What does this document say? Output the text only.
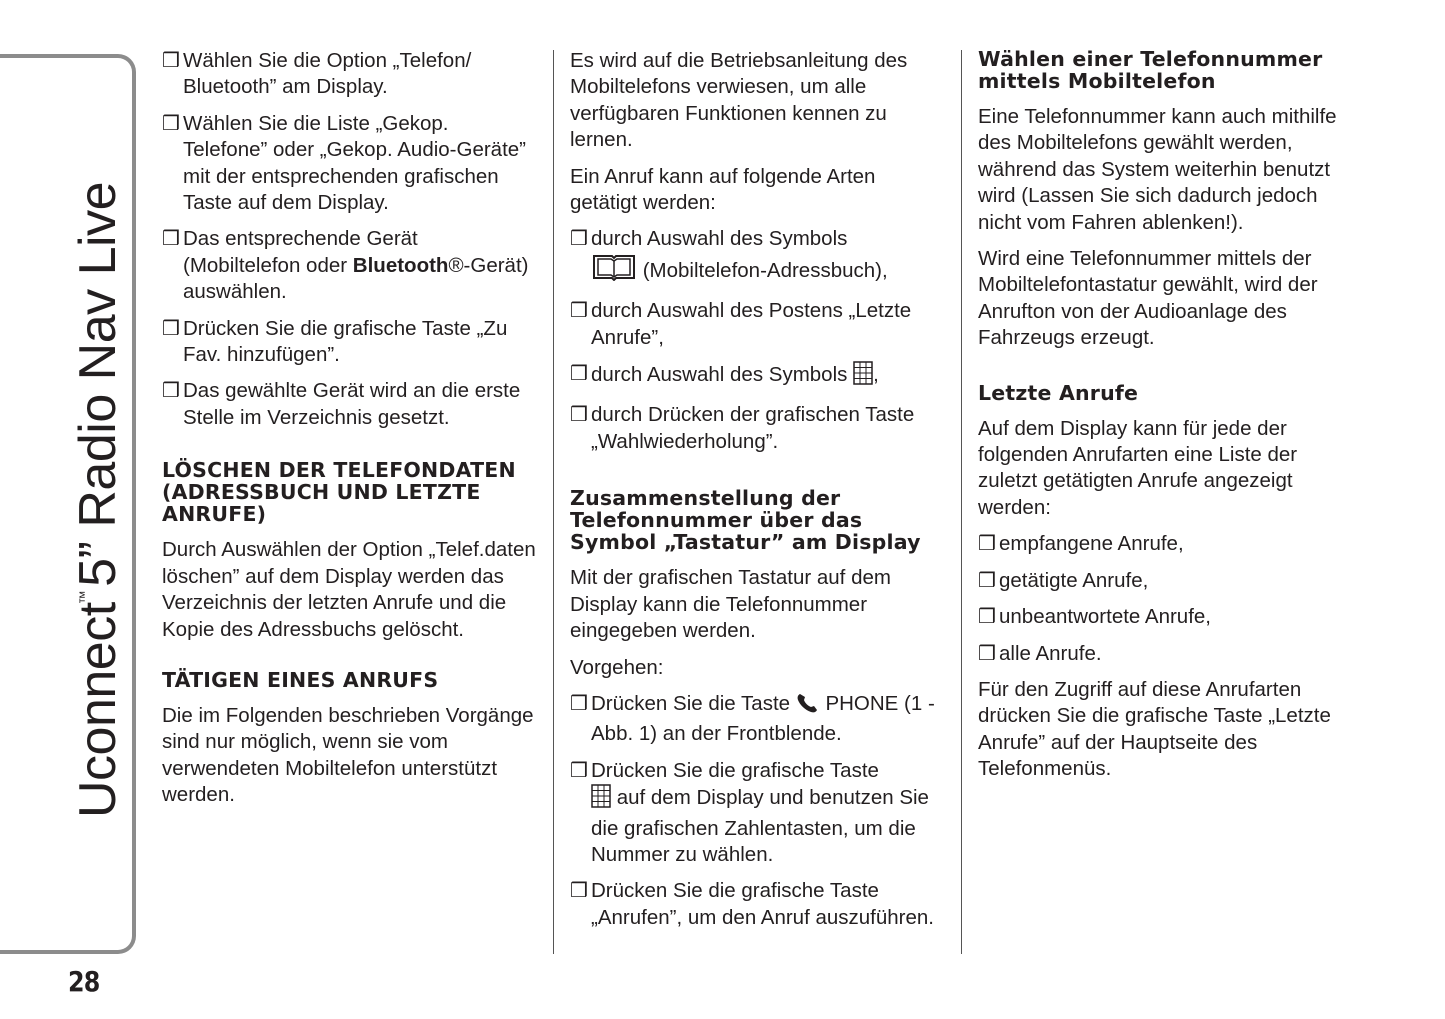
Uconnect™5” Radio Nav Live
28

❒ Wählen Sie die Option „Telefon/ Bluetooth” am Display.

❒ Wählen Sie die Liste „Gekop. Telefone” oder „Gekop. Audio-Geräte” mit der entsprechenden grafischen Taste auf dem Display.

❒ Das entsprechende Gerät (Mobiltelefon oder Bluetooth®-Gerät) auswählen.

❒ Drücken Sie die grafische Taste „Zu Fav. hinzufügen”.

❒ Das gewählte Gerät wird an die erste Stelle im Verzeichnis gesetzt.

LÖSCHEN DER TELEFONDATEN (ADRESSBUCH UND LETZTE ANRUFE)

Durch Auswählen der Option „Telef.daten löschen” auf dem Display werden das Verzeichnis der letzten Anrufe und die Kopie des Adressbuchs gelöscht.

TÄTIGEN EINES ANRUFS

Die im Folgenden beschrieben Vorgänge sind nur möglich, wenn sie vom verwendeten Mobiltelefon unterstützt werden.

Es wird auf die Betriebsanleitung des Mobiltelefons verwiesen, um alle verfügbaren Funktionen kennen zu lernen.

Ein Anruf kann auf folgende Arten getätigt werden:

❒ durch Auswahl des Symbols
(Mobiltelefon-Adressbuch),

❒ durch Auswahl des Postens „Letzte Anrufe”,

❒ durch Auswahl des Symbols ,

❒ durch Drücken der grafischen Taste „Wahlwiederholung”.

Zusammenstellung der Telefonnummer über das Symbol „Tastatur” am Display

Mit der grafischen Tastatur auf dem Display kann die Telefonnummer eingegeben werden.

Vorgehen:

❒ Drücken Sie die Taste PHONE (1 - Abb. 1) an der Frontblende.

❒ Drücken Sie die grafische Taste
auf dem Display und benutzen Sie die grafischen Zahlentasten, um die Nummer zu wählen.

❒ Drücken Sie die grafische Taste „Anrufen”, um den Anruf auszuführen.

Wählen einer Telefonnummer mittels Mobiltelefon

Eine Telefonnummer kann auch mithilfe des Mobiltelefons gewählt werden, während das System weiterhin benutzt wird (Lassen Sie sich dadurch jedoch nicht vom Fahren ablenken!).

Wird eine Telefonnummer mittels der Mobiltelefontastatur gewählt, wird der Anrufton von der Audioanlage des Fahrzeugs erzeugt.

Letzte Anrufe

Auf dem Display kann für jede der folgenden Anrufarten eine Liste der zuletzt getätigten Anrufe angezeigt werden:

❒ empfangene Anrufe,

❒ getätigte Anrufe,

❒ unbeantwortete Anrufe,

❒ alle Anrufe.

Für den Zugriff auf diese Anrufarten drücken Sie die grafische Taste „Letzte Anrufe” auf der Hauptseite des Telefonmenüs.
